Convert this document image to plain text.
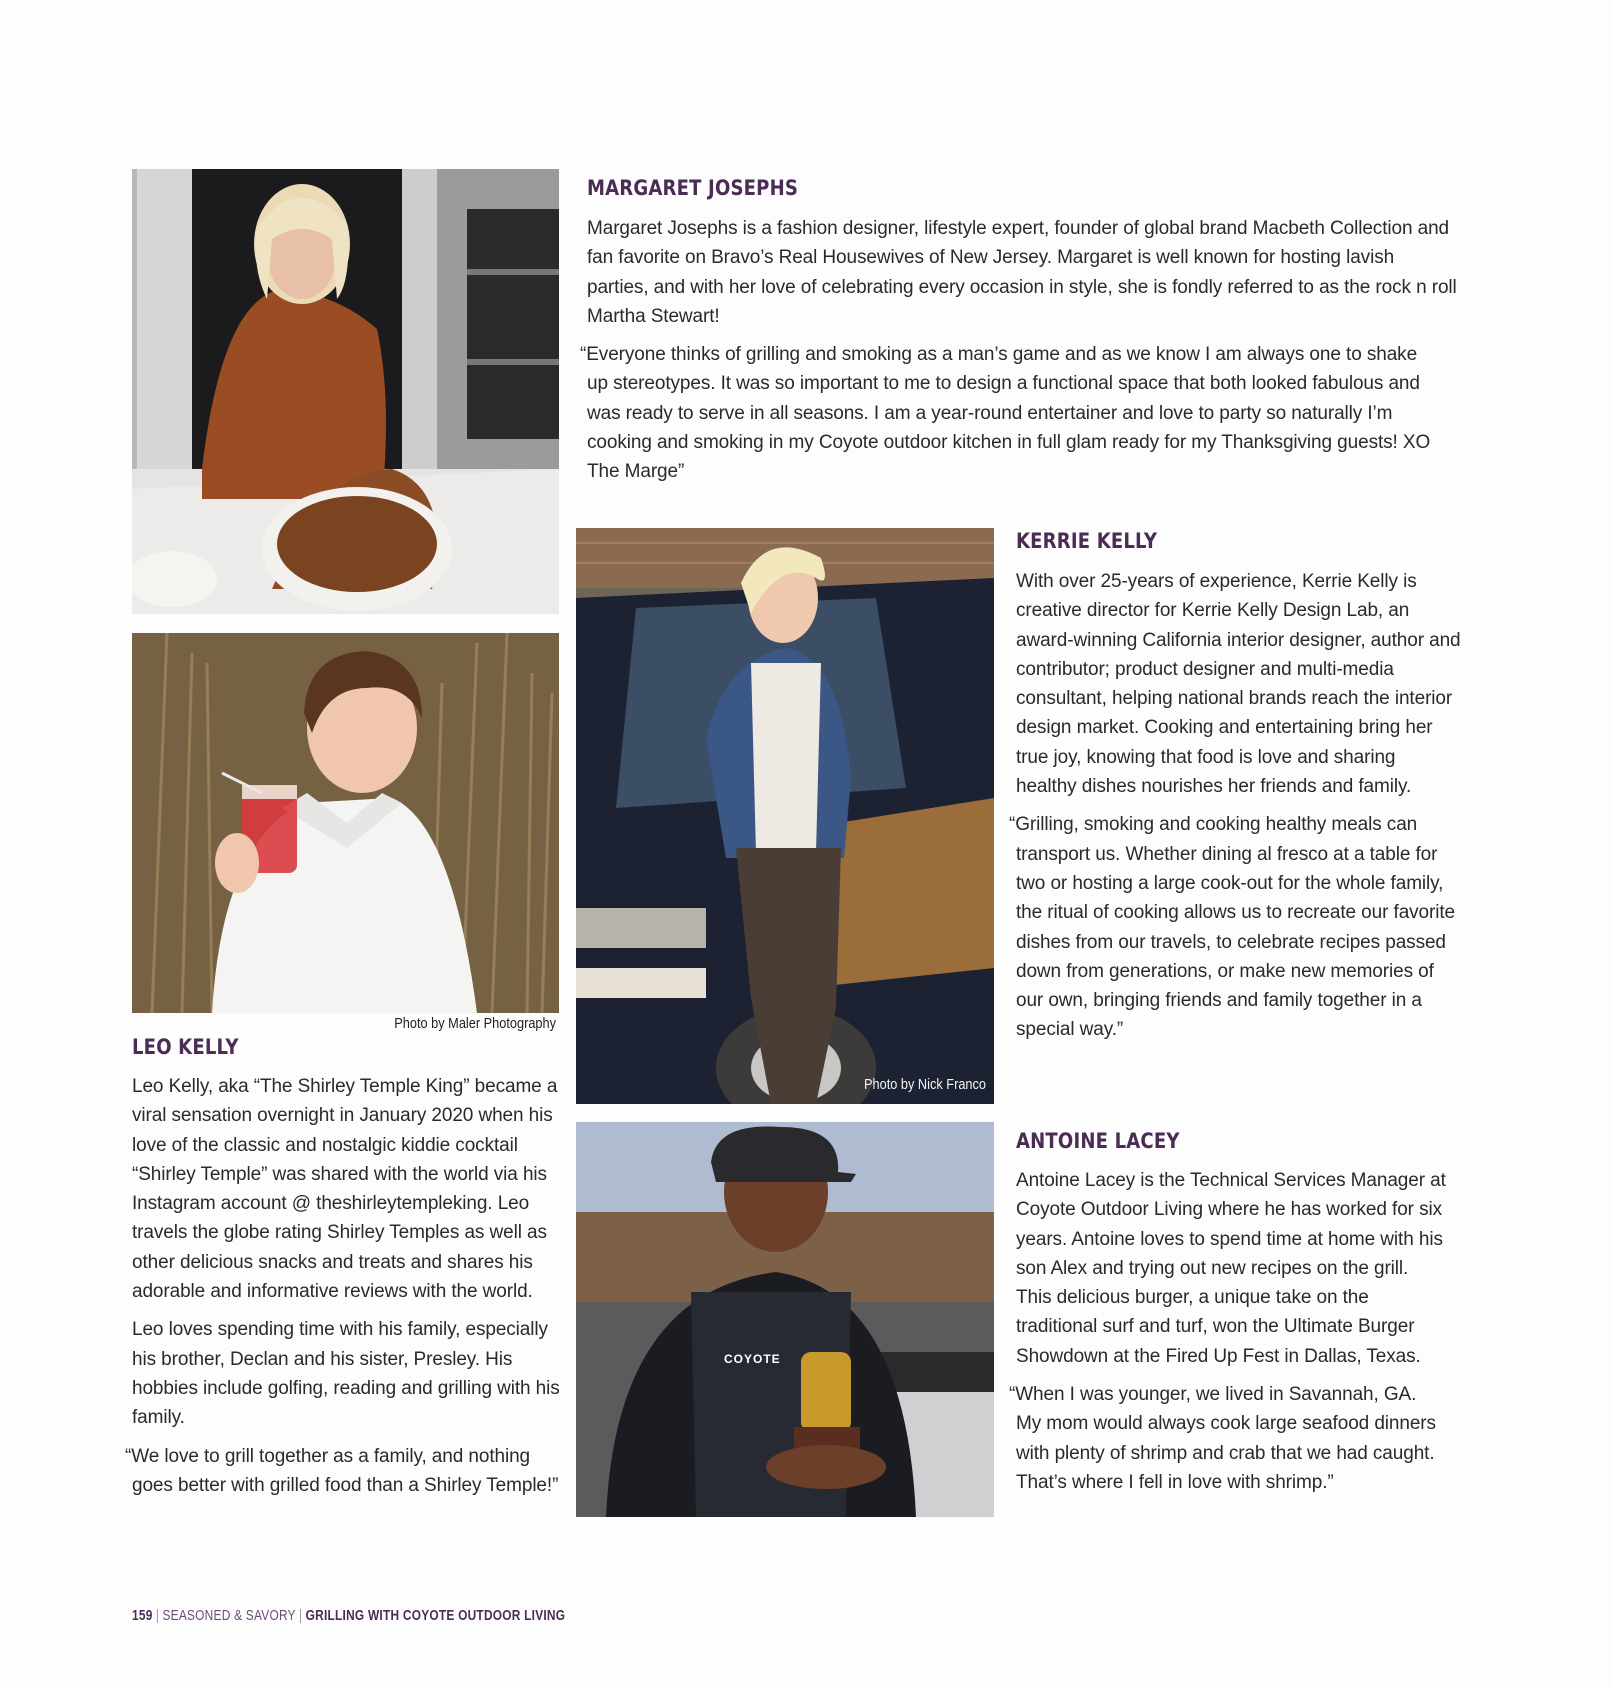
MARGARET JOSEPHS

Margaret Josephs is a fashion designer, lifestyle expert, founder of global brand Macbeth Collection and fan favorite on Bravo’s Real Housewives of New Jersey. Margaret is well known for hosting lavish parties, and with her love of celebrating every occasion in style, she is fondly referred to as the rock n roll Martha Stewart!

“Everyone thinks of grilling and smoking as a man’s game and as we know I am always one to shake up stereotypes. It was so important to me to design a functional space that both looked fabulous and was ready to serve in all seasons. I am a year-round entertainer and love to party so naturally I’m cooking and smoking in my Coyote outdoor kitchen in full glam ready for my Thanksgiving guests! XO The Marge”

Photo by Maler Photography
LEO KELLY

Leo Kelly, aka “The Shirley Temple King” became a viral sensation overnight in January 2020 when his love of the classic and nostalgic kiddie cocktail “Shirley Temple” was shared with the world via his Instagram account @ theshirleytempleking. Leo travels the globe rating Shirley Temples as well as other delicious snacks and treats and shares his adorable and informative reviews with the world.

Leo loves spending time with his family, especially his brother, Declan and his sister, Presley. His hobbies include golfing, reading and grilling with his family.

“We love to grill together as a family, and nothing goes better with grilled food than a Shirley Temple!”

Photo by Nick Franco
KERRIE KELLY

With over 25-years of experience, Kerrie Kelly is creative director for Kerrie Kelly Design Lab, an award-winning California interior designer, author and contributor; product designer and multi-media consultant, helping national brands reach the interior design market. Cooking and entertaining bring her true joy, knowing that food is love and sharing healthy dishes nourishes her friends and family.

“Grilling, smoking and cooking healthy meals can transport us. Whether dining al fresco at a table for two or hosting a large cook-out for the whole family, the ritual of cooking allows us to recreate our favorite dishes from our travels, to celebrate recipes passed down from generations, or make new memories of our own, bringing friends and family together in a special way.”

COYOTE
ANTOINE LACEY

Antoine Lacey is the Technical Services Manager at Coyote Outdoor Living where he has worked for six years. Antoine loves to spend time at home with his son Alex and trying out new recipes on the grill. This delicious burger, a unique take on the traditional surf and turf, won the Ultimate Burger Showdown at the Fired Up Fest in Dallas, Texas.

“When I was younger, we lived in Savannah, GA. My mom would always cook large seafood dinners with plenty of shrimp and crab that we had caught. That’s where I fell in love with shrimp.”

159 | SEASONED & SAVORY | GRILLING WITH COYOTE OUTDOOR LIVING
